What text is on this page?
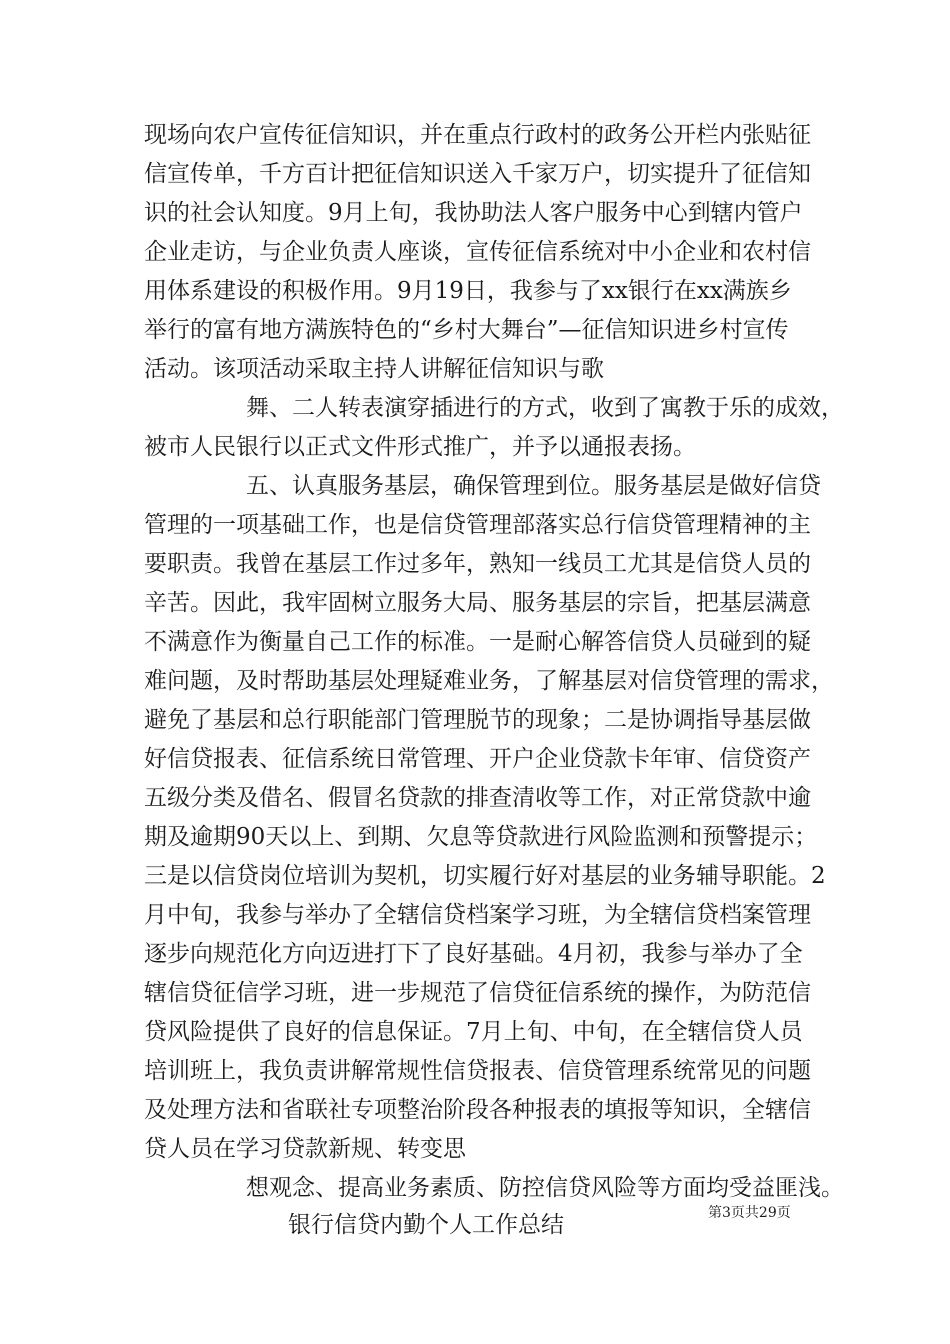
现场向农户宣传征信知识，并在重点行政村的政务公开栏内张贴征
信宣传单，千方百计把征信知识送入千家万户，切实提升了征信知
识的社会认知度。9月上旬，我协助法人客户服务中心到辖内管户
企业走访，与企业负责人座谈，宣传征信系统对中小企业和农村信
用体系建设的积极作用。9月19日，我参与了xx银行在xx满族乡
举行的富有地方满族特色的“乡村大舞台”—征信知识进乡村宣传
活动。该项活动采取主持人讲解征信知识与歌
舞、二人转表演穿插进行的方式，收到了寓教于乐的成效，
被市人民银行以正式文件形式推广，并予以通报表扬。
五、认真服务基层，确保管理到位。服务基层是做好信贷
管理的一项基础工作，也是信贷管理部落实总行信贷管理精神的主
要职责。我曾在基层工作过多年，熟知一线员工尤其是信贷人员的
辛苦。因此，我牢固树立服务大局、服务基层的宗旨，把基层满意
不满意作为衡量自己工作的标准。一是耐心解答信贷人员碰到的疑
难问题，及时帮助基层处理疑难业务，了解基层对信贷管理的需求，
避免了基层和总行职能部门管理脱节的现象；二是协调指导基层做
好信贷报表、征信系统日常管理、开户企业贷款卡年审、信贷资产
五级分类及借名、假冒名贷款的排查清收等工作，对正常贷款中逾
期及逾期90天以上、到期、欠息等贷款进行风险监测和预警提示；
三是以信贷岗位培训为契机，切实履行好对基层的业务辅导职能。2
月中旬，我参与举办了全辖信贷档案学习班，为全辖信贷档案管理
逐步向规范化方向迈进打下了良好基础。4月初，我参与举办了全
辖信贷征信学习班，进一步规范了信贷征信系统的操作，为防范信
贷风险提供了良好的信息保证。7月上旬、中旬，在全辖信贷人员
培训班上，我负责讲解常规性信贷报表、信贷管理系统常见的问题
及处理方法和省联社专项整治阶段各种报表的填报等知识，全辖信
贷人员在学习贷款新规、转变思
想观念、提高业务素质、防控信贷风险等方面均受益匪浅。
银行信贷内勤个人工作总结	第3页共29页
